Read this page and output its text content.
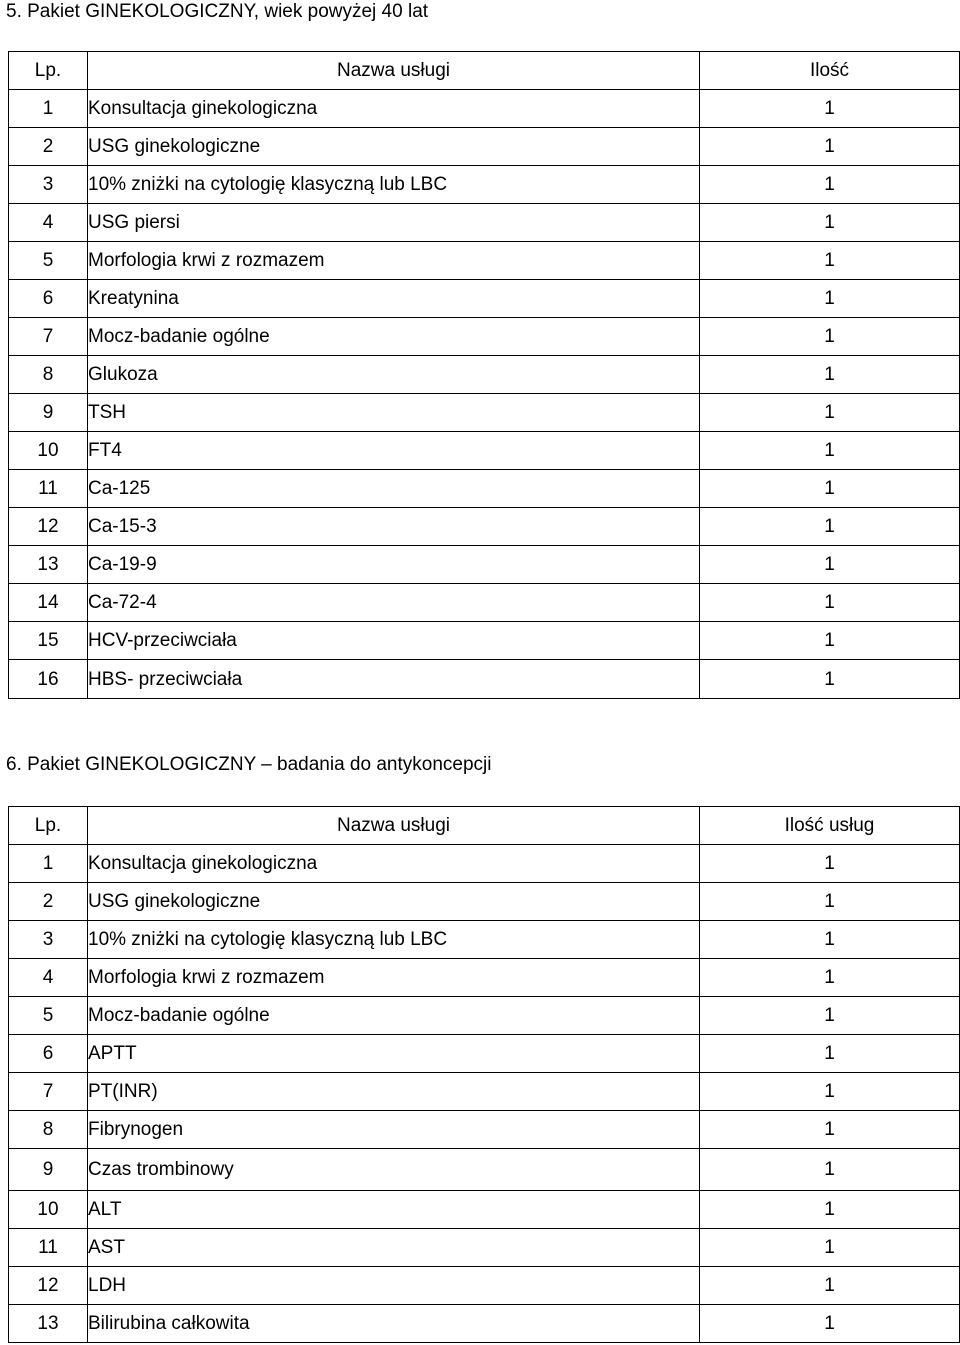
5. Pakiet GINEKOLOGICZNY, wiek powyżej 40 lat
Lp.	Nazwa usługi	Ilość
1	Konsultacja ginekologiczna	1
2	USG ginekologiczne	1
3	10% zniżki na cytologię klasyczną lub LBC	1
4	USG piersi	1
5	Morfologia krwi z rozmazem	1
6	Kreatynina	1
7	Mocz-badanie ogólne	1
8	Glukoza	1
9	TSH	1
10	FT4	1
11	Ca-125	1
12	Ca-15-3	1
13	Ca-19-9	1
14	Ca-72-4	1
15	HCV-przeciwciała	1
16	HBS- przeciwciała	1
6. Pakiet GINEKOLOGICZNY – badania do antykoncepcji
Lp.	Nazwa usługi	Ilość usług
1	Konsultacja ginekologiczna	1
2	USG ginekologiczne	1
3	10% zniżki na cytologię klasyczną lub LBC	1
4	Morfologia krwi z rozmazem	1
5	Mocz-badanie ogólne	1
6	APTT	1
7	PT(INR)	1
8	Fibrynogen	1
9	Czas trombinowy	1
10	ALT	1
11	AST	1
12	LDH	1
13	Bilirubina całkowita	1
